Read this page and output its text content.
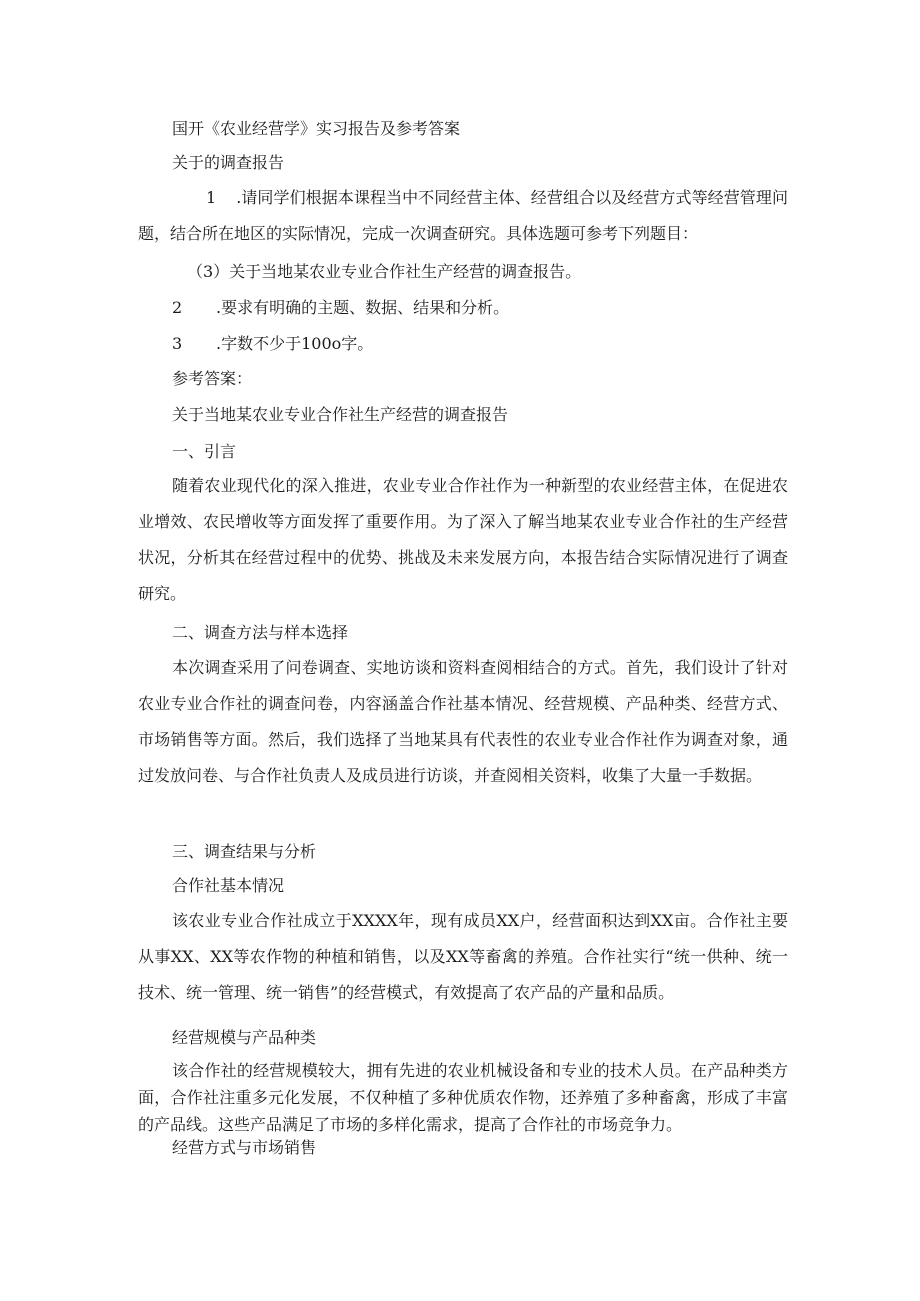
国开《农业经营学》实习报告及参考答案
关于的调查报告
1 .请同学们根据本课程当中不同经营主体、经营组合以及经营方式等经营管理问题，结合所在地区的实际情况，完成一次调查研究。具体选题可参考下列题目：
（3）关于当地某农业专业合作社生产经营的调查报告。
2 .要求有明确的主题、数据、结果和分析。
3 .字数不少于100o字。
参考答案：
关于当地某农业专业合作社生产经营的调查报告
一、引言
随着农业现代化的深入推进，农业专业合作社作为一种新型的农业经营主体，在促进农业增效、农民增收等方面发挥了重要作用。为了深入了解当地某农业专业合作社的生产经营状况，分析其在经营过程中的优势、挑战及未来发展方向，本报告结合实际情况进行了调查研究。
二、调查方法与样本选择
本次调查采用了问卷调查、实地访谈和资料查阅相结合的方式。首先，我们设计了针对农业专业合作社的调查问卷，内容涵盖合作社基本情况、经营规模、产品种类、经营方式、市场销售等方面。然后，我们选择了当地某具有代表性的农业专业合作社作为调查对象，通过发放问卷、与合作社负责人及成员进行访谈，并查阅相关资料，收集了大量一手数据。
三、调查结果与分析
合作社基本情况
该农业专业合作社成立于XXXX年，现有成员XX户，经营面积达到XX亩。合作社主要从事XX、XX等农作物的种植和销售，以及XX等畜禽的养殖。合作社实行“统一供种、统一技术、统一管理、统一销售”的经营模式，有效提高了农产品的产量和品质。
经营规模与产品种类
该合作社的经营规模较大，拥有先进的农业机械设备和专业的技术人员。在产品种类方面，合作社注重多元化发展，不仅种植了多种优质农作物，还养殖了多种畜禽，形成了丰富的产品线。这些产品满足了市场的多样化需求，提高了合作社的市场竞争力。
经营方式与市场销售
